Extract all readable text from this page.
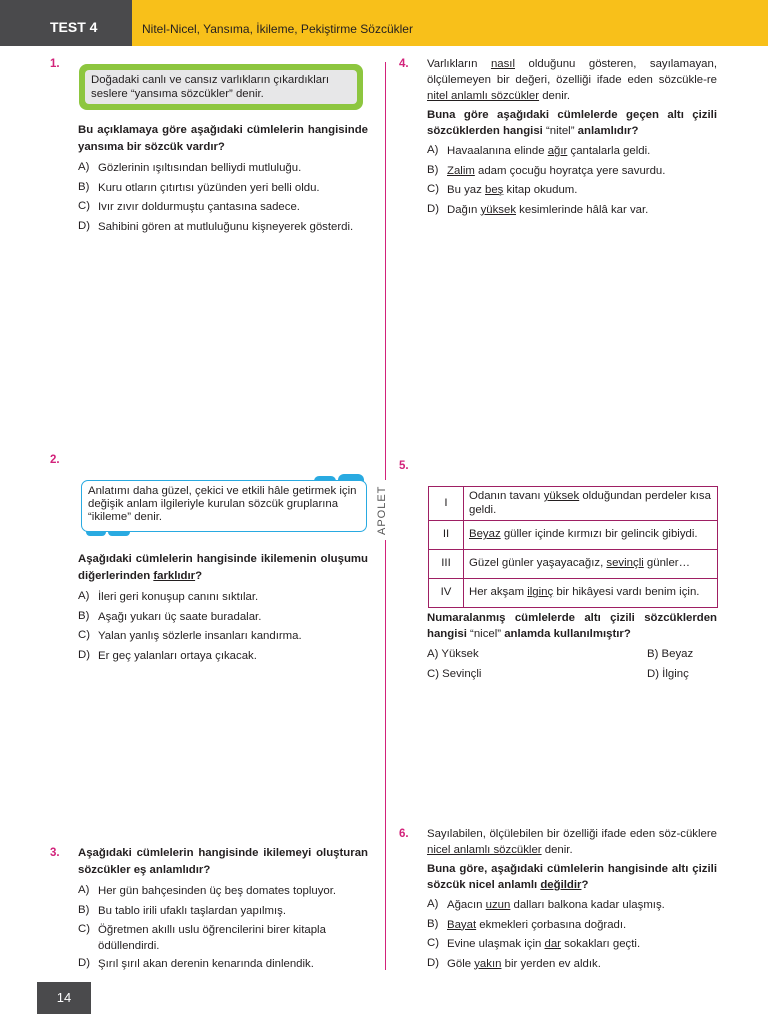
TEST 4	Nitel-Nicel, Yansıma, İkileme, Pekiştirme Sözcükler
APOLET
1.
Doğadaki canlı ve cansız varlıkların çıkardıkları seslere “yansıma sözcükler” denir.

Bu açıklamaya göre aşağıdaki cümlelerin hangisinde yansıma bir sözcük vardır?

A) Gözlerinin ışıltısından belliydi mutluluğu.
B) Kuru otların çıtırtısı yüzünden yeri belli oldu.
C) Ivır zıvır doldurmuştu çantasına sadece.
D) Sahibini gören at mutluluğunu kişneyerek gösterdi.
2.
Anlatımı daha güzel, çekici ve etkili hâle getirmek için değişik anlam ilgileriyle kurulan sözcük gruplarına “ikileme” denir.

Aşağıdaki cümlelerin hangisinde ikilemenin oluşumu diğerlerinden farklıdır?

A) İleri geri konuşup canını sıktılar.
B) Aşağı yukarı üç saate buradalar.
C) Yalan yanlış sözlerle insanları kandırma.
D) Er geç yalanları ortaya çıkacak.
3. Aşağıdaki cümlelerin hangisinde ikilemeyi oluşturan sözcükler eş anlamlıdır?

A) Her gün bahçesinden üç beş domates topluyor.
B) Bu tablo irili ufaklı taşlardan yapılmış.
C) Öğretmen akıllı uslu öğrencilerini birer kitapla ödüllendirdi.
D) Şırıl şırıl akan derenin kenarında dinlendik.
4. Varlıkların nasıl olduğunu gösteren, sayılamayan, ölçülemeyen bir değeri, özelliği ifade eden sözcükle-re nitel anlamlı sözcükler denir.

Buna göre aşağıdaki cümlelerde geçen altı çizili sözcüklerden hangisi “nitel” anlamlıdır?

A) Havaalanına elinde ağır çantalarla geldi.
B) Zalim adam çocuğu hoyratça yere savurdu.
C) Bu yaz beş kitap okudum.
D) Dağın yüksek kesimlerinde hâlâ kar var.
5.
I	Odanın tavanı yüksek olduğundan perdeler kısa geldi.
II	Beyaz güller içinde kırmızı bir gelincik gibiydi.
III	Güzel günler yaşayacağız, sevinçli günler…
IV	Her akşam ilginç bir hikâyesi vardı benim için.

Numaralanmış cümlelerde altı çizili sözcüklerden hangisi “nicel” anlamda kullanılmıştır?

A) Yüksek	B) Beyaz
C) Sevinçli	D) İlginç
6. Sayılabilen, ölçülebilen bir özelliği ifade eden söz-cüklere nicel anlamlı sözcükler denir.

Buna göre, aşağıdaki cümlelerin hangisinde altı çizili sözcük nicel anlamlı değildir?

A) Ağacın uzun dalları balkona kadar ulaşmış.
B) Bayat ekmekleri çorbasına doğradı.
C) Evine ulaşmak için dar sokakları geçti.
D) Göle yakın bir yerden ev aldık.
14
